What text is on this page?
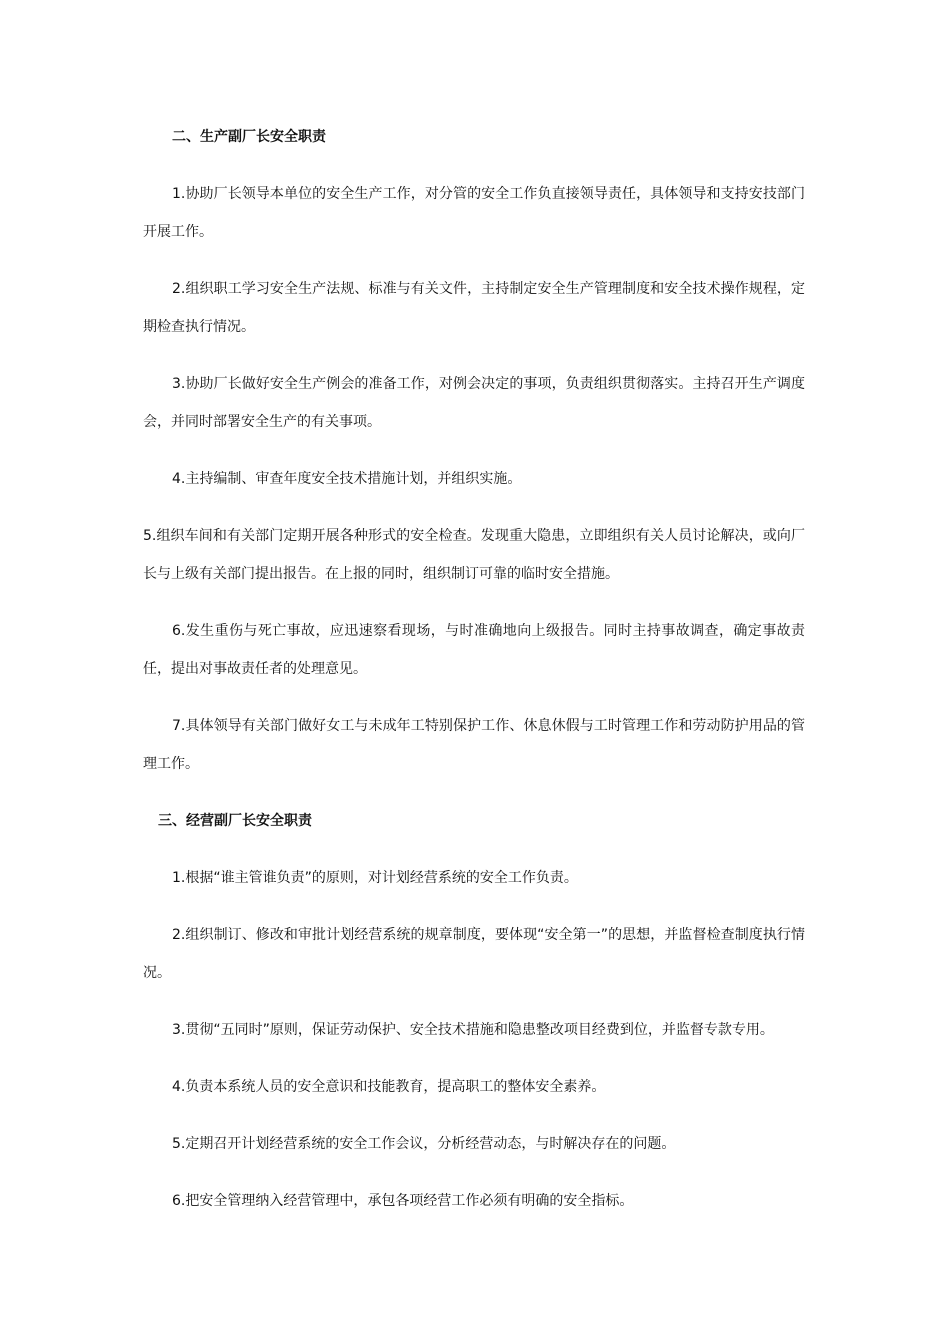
二、生产副厂长安全职责

1.协助厂长领导本单位的安全生产工作，对分管的安全工作负直接领导责任，具体领导和支持安技部门开展工作。

2.组织职工学习安全生产法规、标准与有关文件，主持制定安全生产管理制度和安全技术操作规程，定期检查执行情况。

3.协助厂长做好安全生产例会的准备工作，对例会决定的事项，负责组织贯彻落实。主持召开生产调度会，并同时部署安全生产的有关事项。

4.主持编制、审查年度安全技术措施计划，并组织实施。

5.组织车间和有关部门定期开展各种形式的安全检查。发现重大隐患，立即组织有关人员讨论解决，或向厂长与上级有关部门提出报告。在上报的同时，组织制订可靠的临时安全措施。

6.发生重伤与死亡事故，应迅速察看现场，与时准确地向上级报告。同时主持事故调查，确定事故责任，提出对事故责任者的处理意见。

7.具体领导有关部门做好女工与未成年工特别保护工作、休息休假与工时管理工作和劳动防护用品的管理工作。

三、经营副厂长安全职责

1.根据“谁主管谁负责”的原则，对计划经营系统的安全工作负责。

2.组织制订、修改和审批计划经营系统的规章制度，要体现“安全第一”的思想，并监督检查制度执行情况。

3.贯彻“五同时”原则，保证劳动保护、安全技术措施和隐患整改项目经费到位，并监督专款专用。

4.负责本系统人员的安全意识和技能教育，提高职工的整体安全素养。

5.定期召开计划经营系统的安全工作会议，分析经营动态，与时解决存在的问题。

6.把安全管理纳入经营管理中，承包各项经营工作必须有明确的安全指标。
